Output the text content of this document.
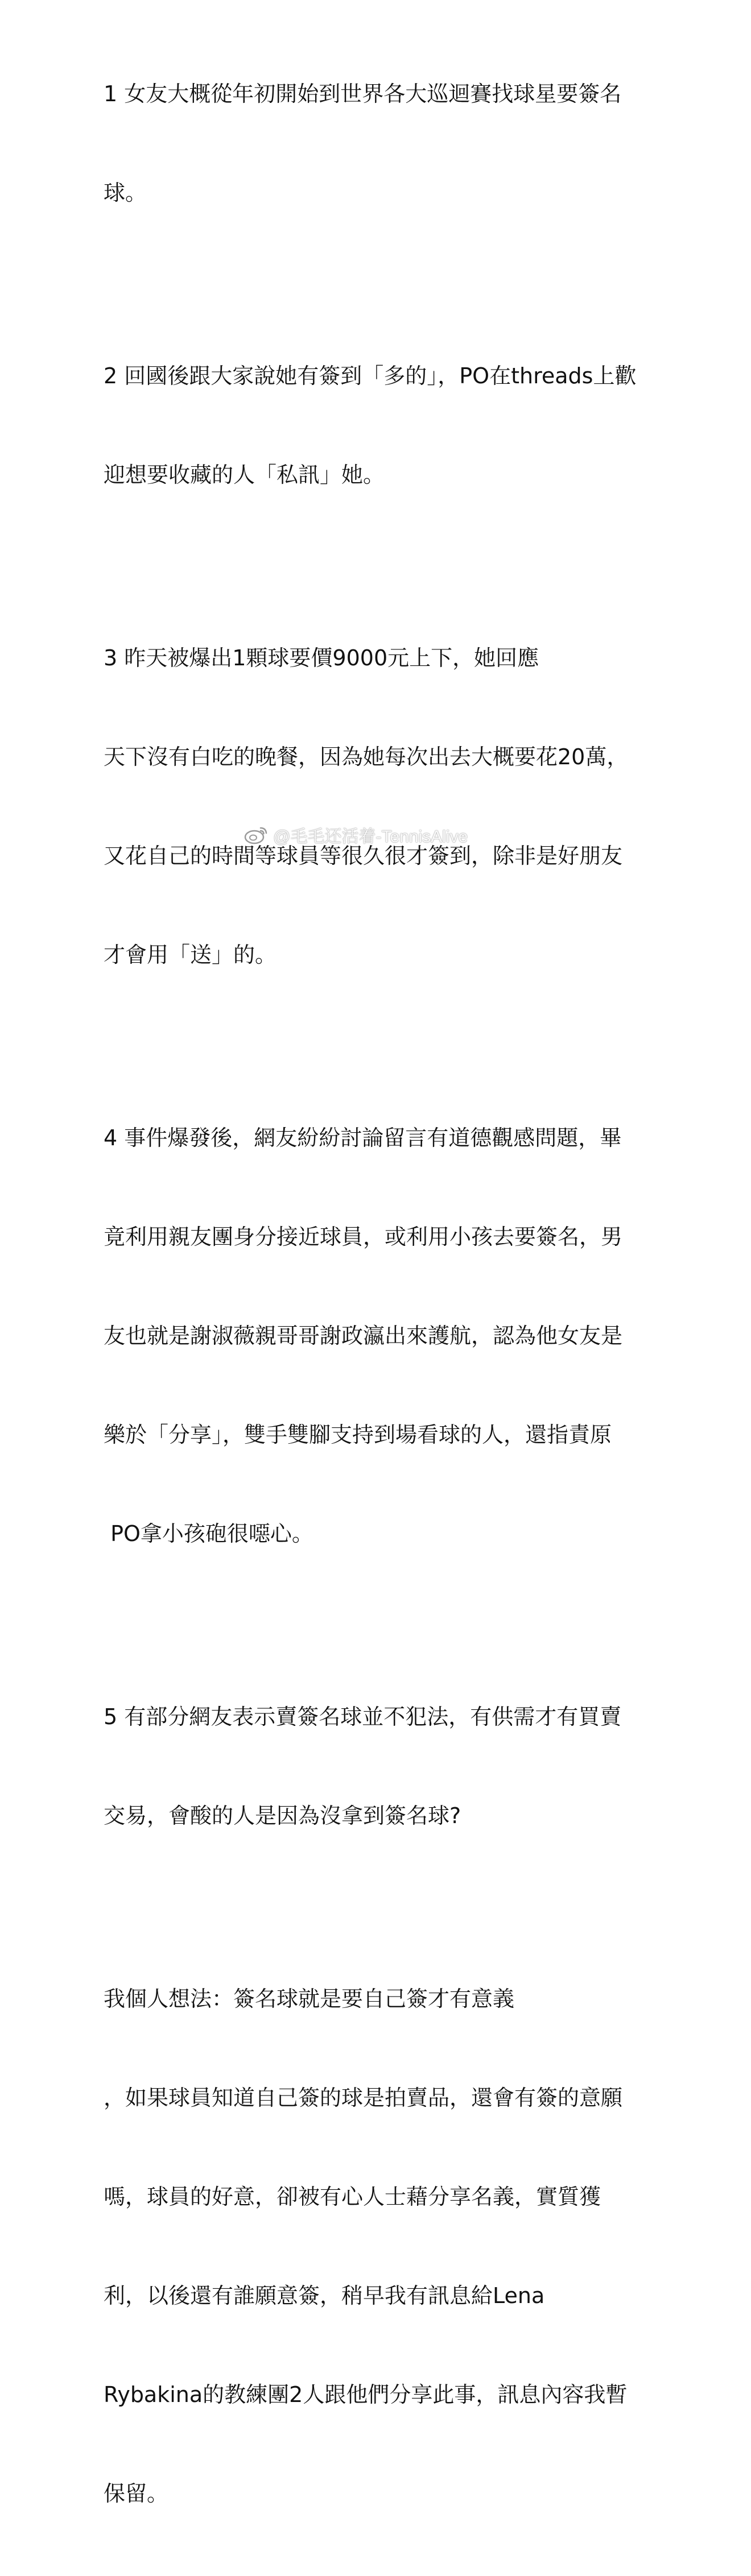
1 女友大概從年初開始到世界各大巡迴賽找球星要簽名

球。

2 回國後跟大家說她有簽到「多的」，PO在threads上歡

迎想要收藏的人「私訊」她。

3 昨天被爆出1顆球要價9000元上下，她回應

天下沒有白吃的晚餐，因為她每次出去大概要花20萬，

又花自己的時間等球員等很久很才簽到，除非是好朋友

才會用「送」的。

4 事件爆發後，網友紛紛討論留言有道德觀感問題，畢

竟利用親友團身分接近球員，或利用小孩去要簽名，男

友也就是謝淑薇親哥哥謝政瀛出來護航，認為他女友是

樂於「分享」，雙手雙腳支持到場看球的人，還指責原

PO拿小孩砲很噁心。

5 有部分網友表示賣簽名球並不犯法，有供需才有買賣

交易，會酸的人是因為沒拿到簽名球?

我個人想法：簽名球就是要自己簽才有意義

，如果球員知道自己簽的球是拍賣品，還會有簽的意願

嗎，球員的好意，卻被有心人士藉分享名義，實質獲

利，以後還有誰願意簽，稍早我有訊息給Lena

Rybakina的教練團2人跟他們分享此事，訊息內容我暫

保留。

@毛毛还活着-TennisAlive
